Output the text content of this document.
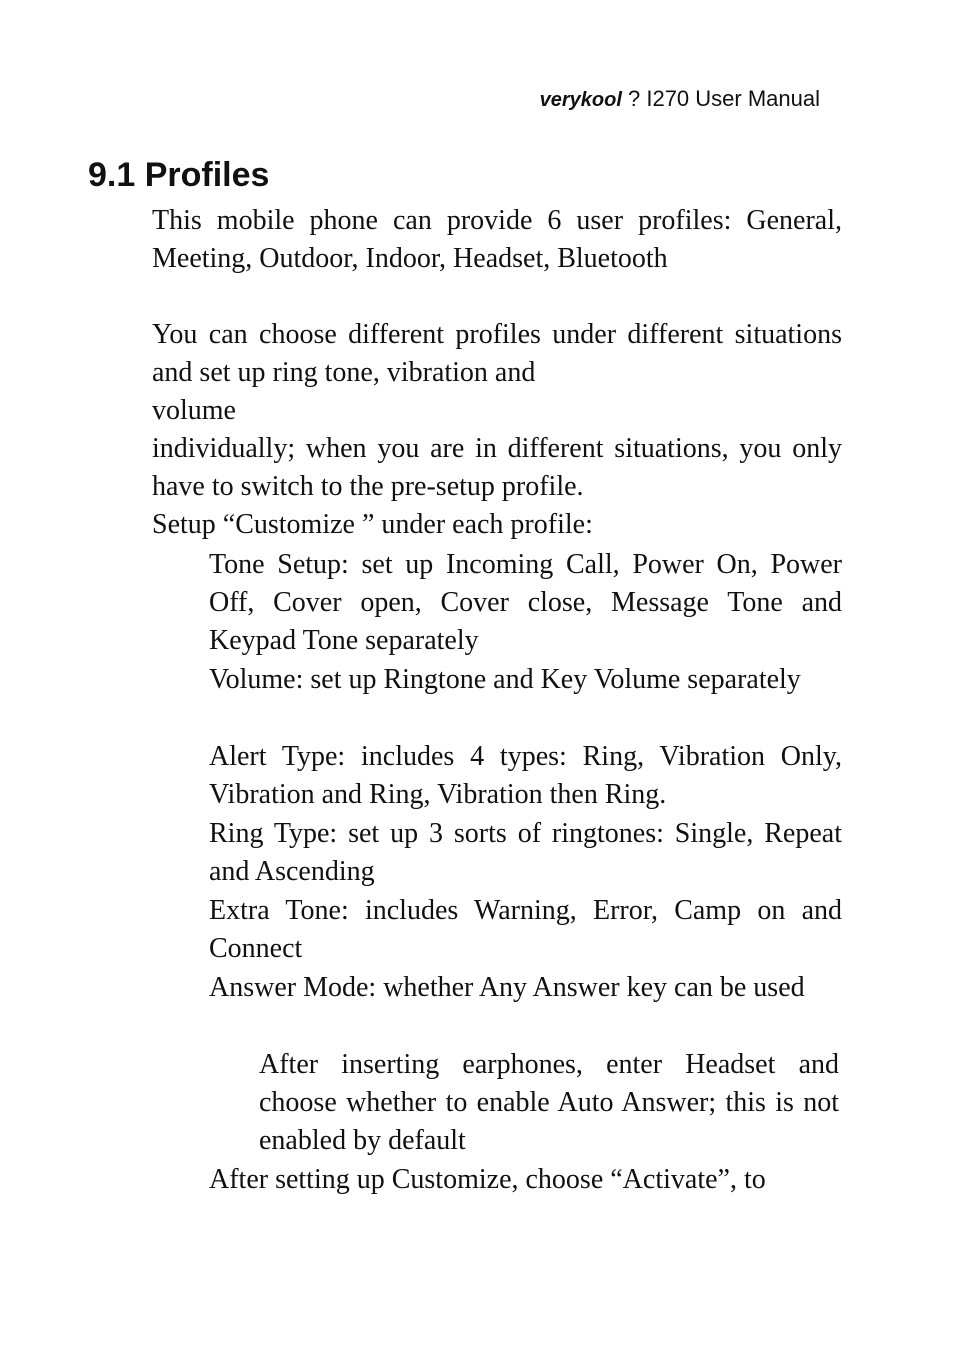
verykool ? I270 User Manual
9.1 Profiles

This mobile phone can provide 6 user profiles: General, Meeting, Outdoor, Indoor, Headset, Bluetooth

You can choose different profiles under different situations and set up ring tone, vibration and

volume

individually; when you are in different situations, you only have to switch to the pre-setup profile.

Setup “Customize ” under each profile:

Tone Setup: set up Incoming Call, Power On, Power Off, Cover open, Cover close, Message Tone and Keypad Tone separately

Volume: set up Ringtone and Key Volume separately

Alert Type: includes 4 types: Ring, Vibration Only, Vibration and Ring, Vibration then Ring.

Ring Type: set up 3 sorts of ringtones: Single, Repeat and Ascending

Extra Tone: includes Warning, Error, Camp on and Connect

Answer Mode: whether Any Answer key can be used

After inserting earphones, enter Headset and choose whether to enable Auto Answer; this is not enabled by default

After setting up Customize, choose “Activate”, to
